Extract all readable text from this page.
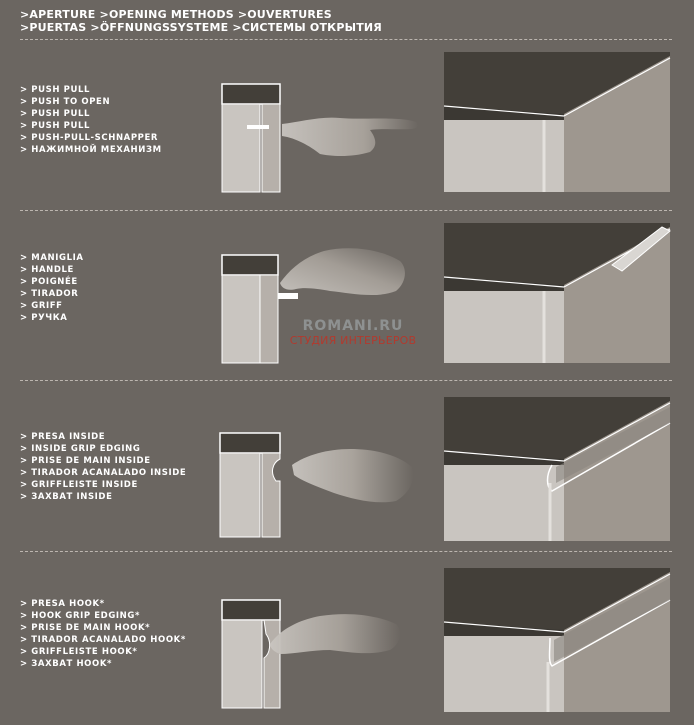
>APERTURE >OPENING METHODS >OUVERTURES
>PUERTAS >ÖFFNUNGSSYSTEME >СИСТЕМЫ ОТКРЫТИЯ
> PUSH PULL
> PUSH TO OPEN
> PUSH PULL
> PUSH PULL
> PUSH-PULL-SCHNAPPER
> НАЖИМНОЙ МЕХАНИЗМ
> MANIGLIA
> HANDLE
> POIGNÉE
> TIRADOR
> GRIFF
> РУЧКА
> PRESA INSIDE
> INSIDE GRIP EDGING
> PRISE DE MAIN INSIDE
> TIRADOR ACANALADO INSIDE
> GRIFFLEISTE INSIDE
> ЗАХВАТ INSIDE
> PRESA HOOK*
> HOOK GRIP EDGING*
> PRISE DE MAIN HOOK*
> TIRADOR ACANALADO HOOK*
> GRIFFLEISTE HOOK*
> ЗАХВАТ HOOK*
ROMANI.RU
СТУДИЯ ИНТЕРЬЕРОВ
